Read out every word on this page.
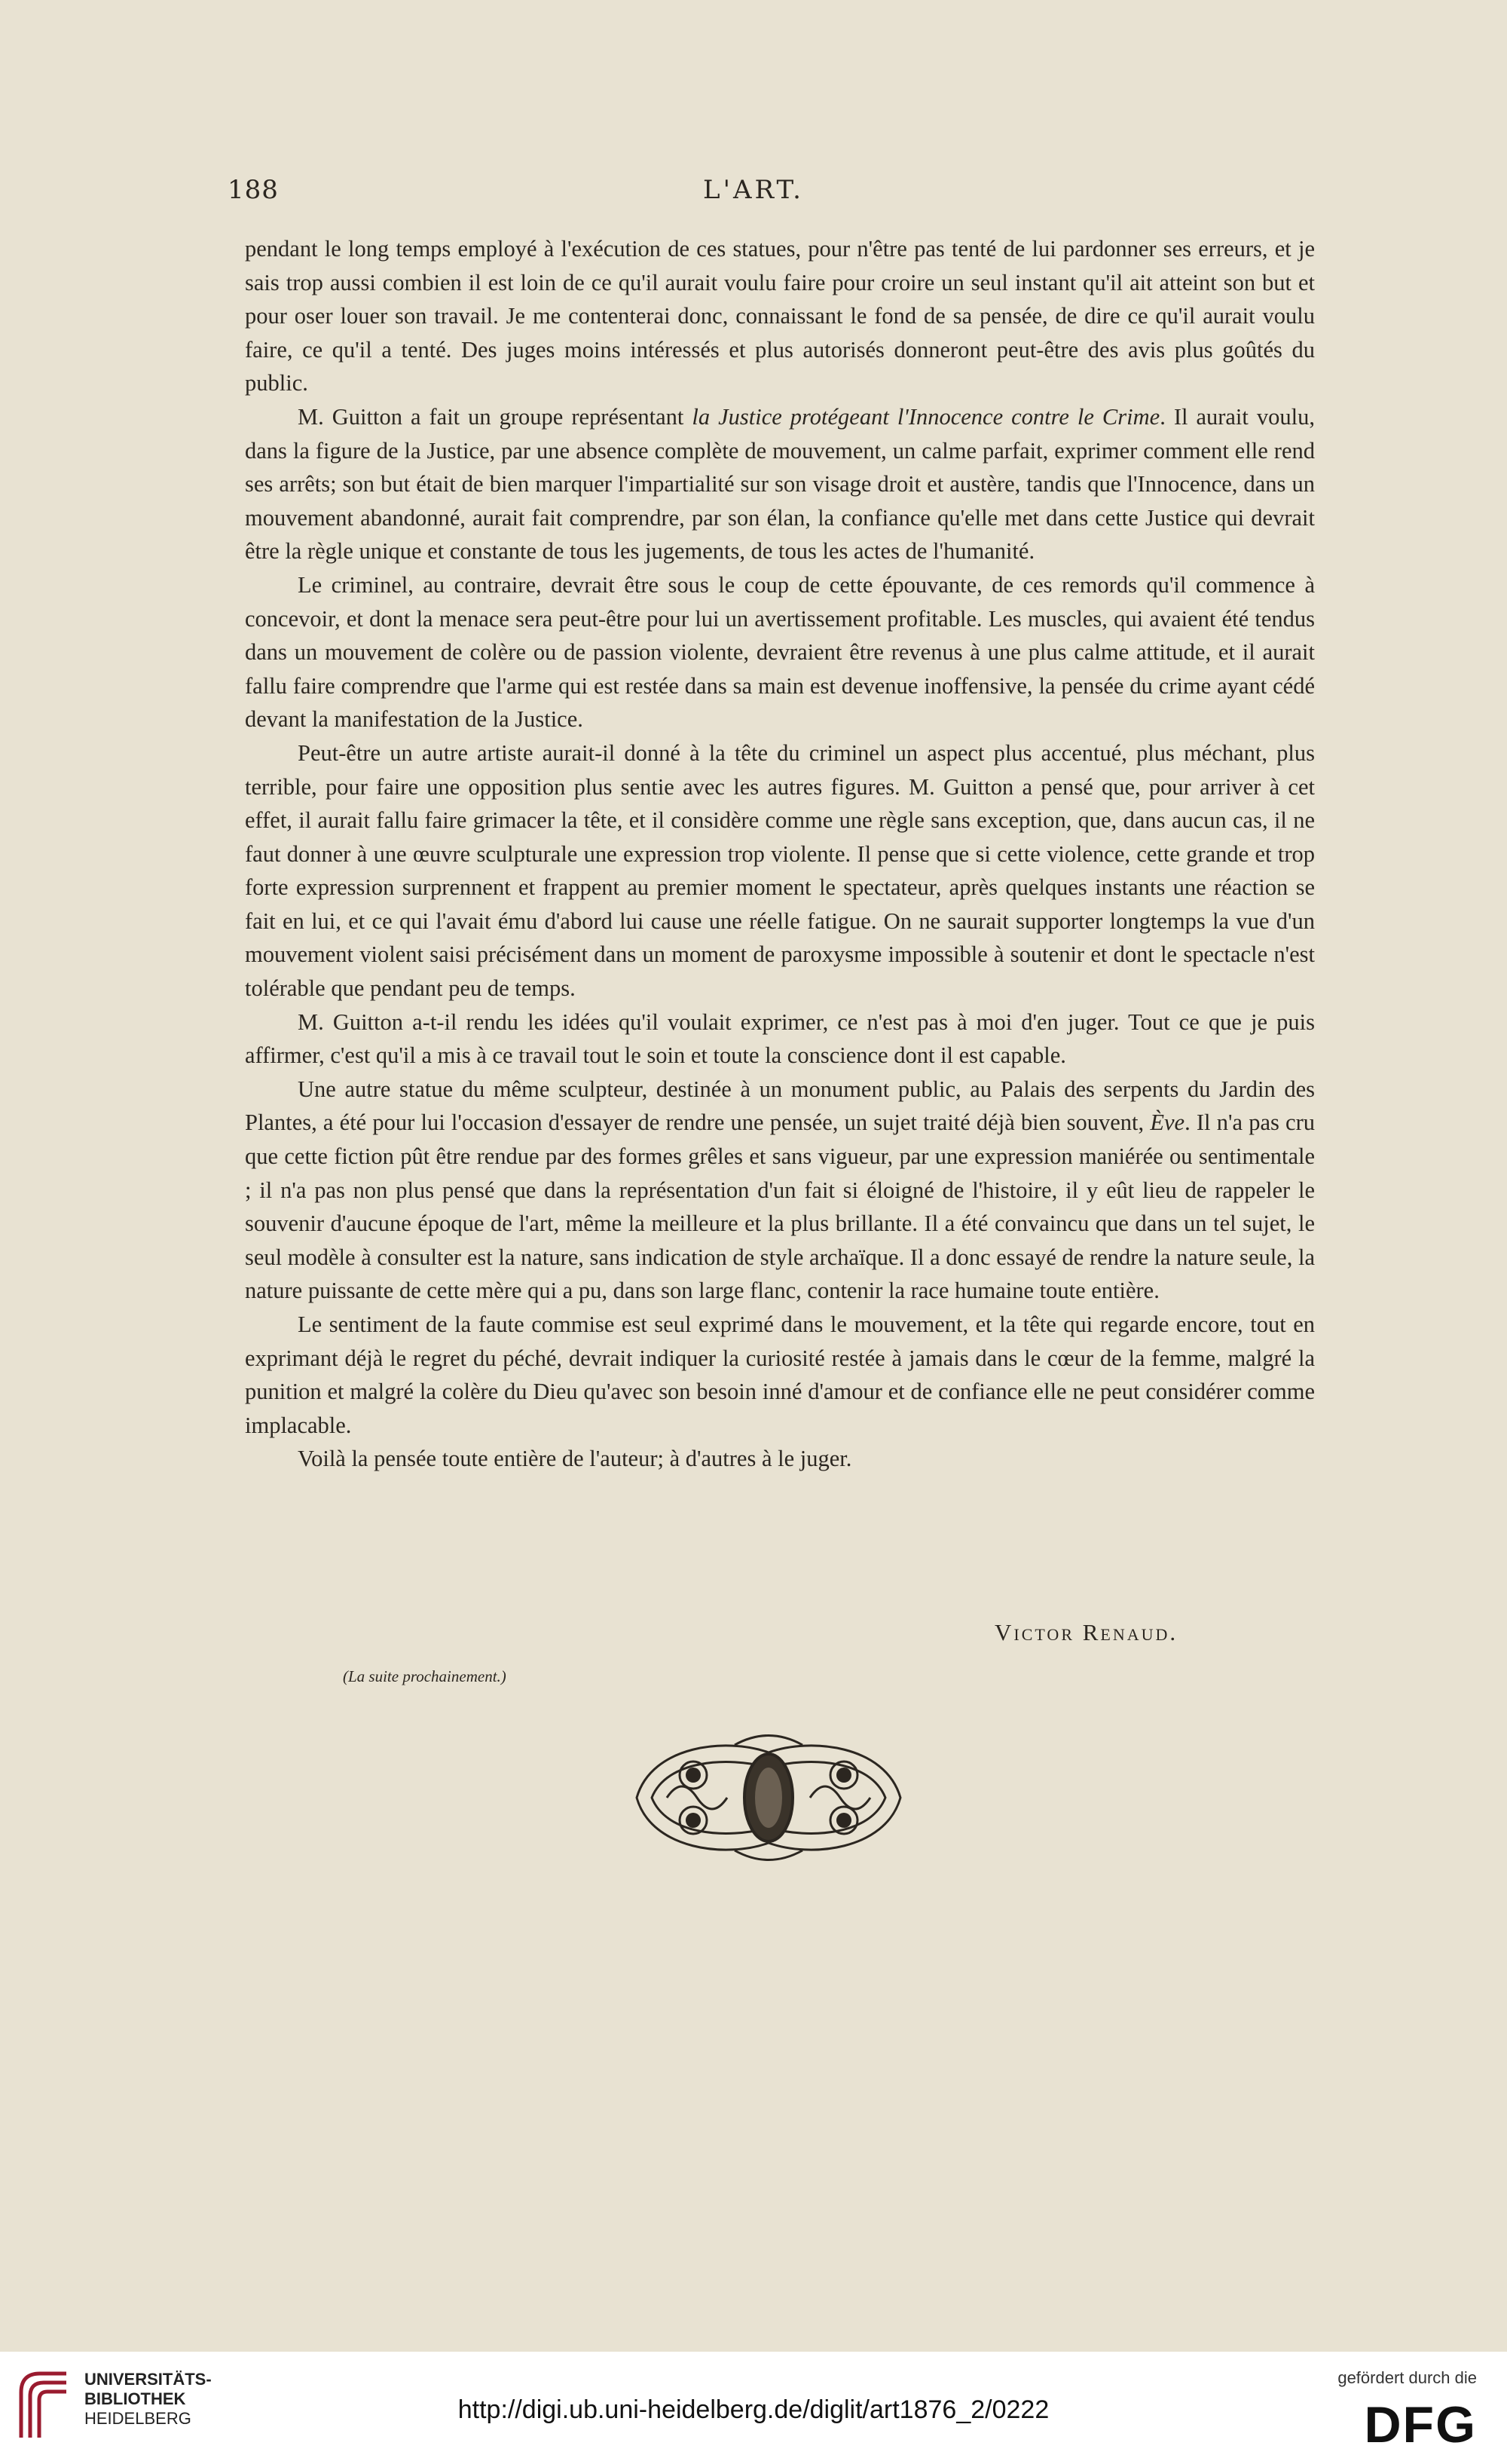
188	L'ART.

pendant le long temps employé à l'exécution de ces statues, pour n'être pas tenté de lui pardonner ses erreurs, et je sais trop aussi combien il est loin de ce qu'il aurait voulu faire pour croire un seul instant qu'il ait atteint son but et pour oser louer son travail. Je me contenterai donc, connaissant le fond de sa pensée, de dire ce qu'il aurait voulu faire, ce qu'il a tenté. Des juges moins intéressés et plus autorisés donneront peut-être des avis plus goûtés du public.

M. Guitton a fait un groupe représentant la Justice protégeant l'Innocence contre le Crime. Il aurait voulu, dans la figure de la Justice, par une absence complète de mouvement, un calme parfait, exprimer comment elle rend ses arrêts; son but était de bien marquer l'impartialité sur son visage droit et austère, tandis que l'Innocence, dans un mouvement abandonné, aurait fait comprendre, par son élan, la confiance qu'elle met dans cette Justice qui devrait être la règle unique et constante de tous les jugements, de tous les actes de l'humanité.

Le criminel, au contraire, devrait être sous le coup de cette épouvante, de ces remords qu'il commence à concevoir, et dont la menace sera peut-être pour lui un avertissement profitable. Les muscles, qui avaient été tendus dans un mouvement de colère ou de passion violente, devraient être revenus à une plus calme attitude, et il aurait fallu faire comprendre que l'arme qui est restée dans sa main est devenue inoffensive, la pensée du crime ayant cédé devant la manifestation de la Justice.

Peut-être un autre artiste aurait-il donné à la tête du criminel un aspect plus accentué, plus méchant, plus terrible, pour faire une opposition plus sentie avec les autres figures. M. Guitton a pensé que, pour arriver à cet effet, il aurait fallu faire grimacer la tête, et il considère comme une règle sans exception, que, dans aucun cas, il ne faut donner à une œuvre sculpturale une expression trop violente. Il pense que si cette violence, cette grande et trop forte expression surprennent et frappent au premier moment le spectateur, après quelques instants une réaction se fait en lui, et ce qui l'avait ému d'abord lui cause une réelle fatigue. On ne saurait supporter longtemps la vue d'un mouvement violent saisi précisément dans un moment de paroxysme impossible à soutenir et dont le spectacle n'est tolérable que pendant peu de temps.

M. Guitton a-t-il rendu les idées qu'il voulait exprimer, ce n'est pas à moi d'en juger. Tout ce que je puis affirmer, c'est qu'il a mis à ce travail tout le soin et toute la conscience dont il est capable.

Une autre statue du même sculpteur, destinée à un monument public, au Palais des serpents du Jardin des Plantes, a été pour lui l'occasion d'essayer de rendre une pensée, un sujet traité déjà bien souvent, Ève. Il n'a pas cru que cette fiction pût être rendue par des formes grêles et sans vigueur, par une expression maniérée ou sentimentale ; il n'a pas non plus pensé que dans la représentation d'un fait si éloigné de l'histoire, il y eût lieu de rappeler le souvenir d'aucune époque de l'art, même la meilleure et la plus brillante. Il a été convaincu que dans un tel sujet, le seul modèle à consulter est la nature, sans indication de style archaïque. Il a donc essayé de rendre la nature seule, la nature puissante de cette mère qui a pu, dans son large flanc, contenir la race humaine toute entière.

Le sentiment de la faute commise est seul exprimé dans le mouvement, et la tête qui regarde encore, tout en exprimant déjà le regret du péché, devrait indiquer la curiosité restée à jamais dans le cœur de la femme, malgré la punition et malgré la colère du Dieu qu'avec son besoin inné d'amour et de confiance elle ne peut considérer comme implacable.

Voilà la pensée toute entière de l'auteur; à d'autres à le juger.

Victor Renaud.
(La suite prochainement.)
UNIVERSITÄTS-
BIBLIOTHEK
HEIDELBERG	http://digi.ub.uni-heidelberg.de/diglit/art1876_2/0222
gefördert durch die
DFG
